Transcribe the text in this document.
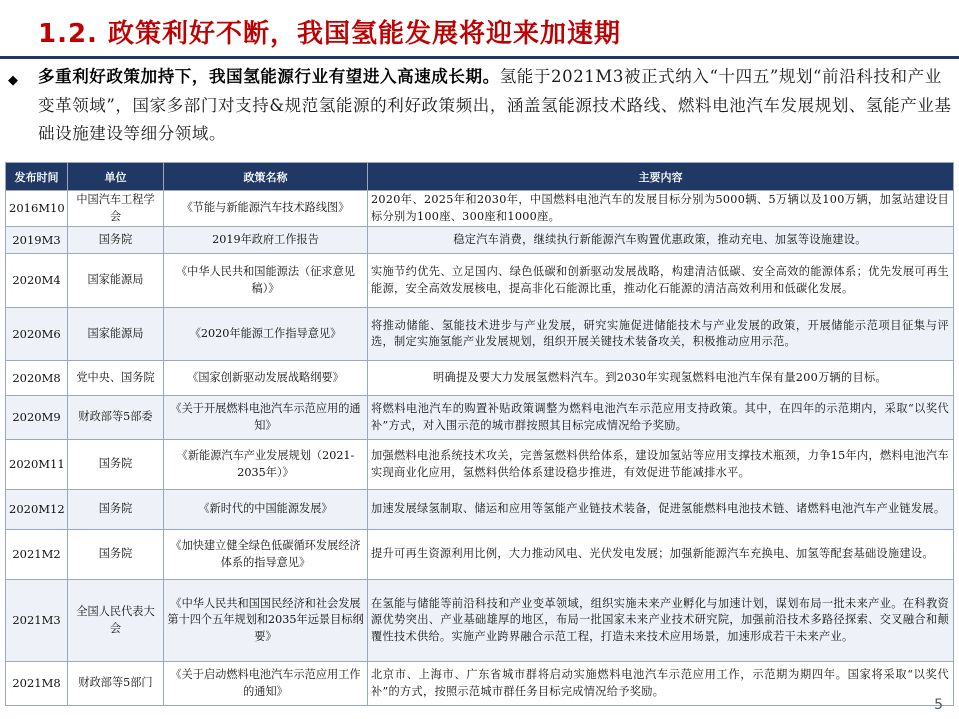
1.2. 政策利好不断，我国氢能发展将迎来加速期
◆ 多重利好政策加持下，我国氢能源行业有望进入高速成长期。氢能于2021M3被正式纳入“十四五”规划“前沿科技和产业变革领域”，国家多部门对支持&规范氢能源的利好政策频出，涵盖氢能源技术路线、燃料电池汽车发展规划、氢能产业基础设施建设等细分领域。
发布时间	单位	政策名称	主要内容
2016M10	中国汽车工程学会	《节能与新能源汽车技术路线图》	2020年、2025年和2030年，中国燃料电池汽车的发展目标分别为5000辆、5万辆以及100万辆，加氢站建设目标分别为100座、300座和1000座。
2019M3	国务院	2019年政府工作报告	稳定汽车消费，继续执行新能源汽车购置优惠政策，推动充电、加氢等设施建设。
2020M4	国家能源局	《中华人民共和国能源法（征求意见稿）》	实施节约优先、立足国内、绿色低碳和创新驱动发展战略，构建清洁低碳、安全高效的能源体系；优先发展可再生能源，安全高效发展核电，提高非化石能源比重，推动化石能源的清洁高效利用和低碳化发展。
2020M6	国家能源局	《2020年能源工作指导意见》	将推动储能、氢能技术进步与产业发展，研究实施促进储能技术与产业发展的政策，开展储能示范项目征集与评选，制定实施氢能产业发展规划，组织开展关键技术装备攻关，积极推动应用示范。
2020M8	党中央、国务院	《国家创新驱动发展战略纲要》	明确提及要大力发展氢燃料汽车。到2030年实现氢燃料电池汽车保有量200万辆的目标。
2020M9	财政部等5部委	《关于开展燃料电池汽车示范应用的通知》	将燃料电池汽车的购置补贴政策调整为燃料电池汽车示范应用支持政策。其中，在四年的示范期内，采取“以奖代补”方式，对入围示范的城市群按照其目标完成情况给予奖励。
2020M11	国务院	《新能源汽车产业发展规划（2021-2035年）》	加强燃料电池系统技术攻关，完善氢燃料供给体系，建设加氢站等应用支撑技术瓶颈，力争15年内，燃料电池汽车实现商业化应用，氢燃料供给体系建设稳步推进，有效促进节能减排水平。
2020M12	国务院	《新时代的中国能源发展》	加速发展绿氢制取、储运和应用等氢能产业链技术装备，促进氢能燃料电池技术链、诸燃料电池汽车产业链发展。
2021M2	国务院	《加快建立健全绿色低碳循环发展经济体系的指导意见》	提升可再生资源利用比例，大力推动风电、光伏发电发展；加强新能源汽车充换电、加氢等配套基础设施建设。
2021M3	全国人民代表大会	《中华人民共和国国民经济和社会发展第十四个五年规划和2035年远景目标纲要》	在氢能与储能等前沿科技和产业变革领域，组织实施未来产业孵化与加速计划，谋划布局一批未来产业。在科教资源优势突出、产业基础雄厚的地区，布局一批国家未来产业技术研究院，加强前沿技术多路径探索、交叉融合和颠覆性技术供给。实施产业跨界融合示范工程，打造未来技术应用场景，加速形成若干未来产业。
2021M8	财政部等5部门	《关于启动燃料电池汽车示范应用工作的通知》	北京市、上海市、广东省城市群将启动实施燃料电池汽车示范应用工作，示范期为期四年。国家将采取“以奖代补”的方式，按照示范城市群任务目标完成情况给予奖励。
5
